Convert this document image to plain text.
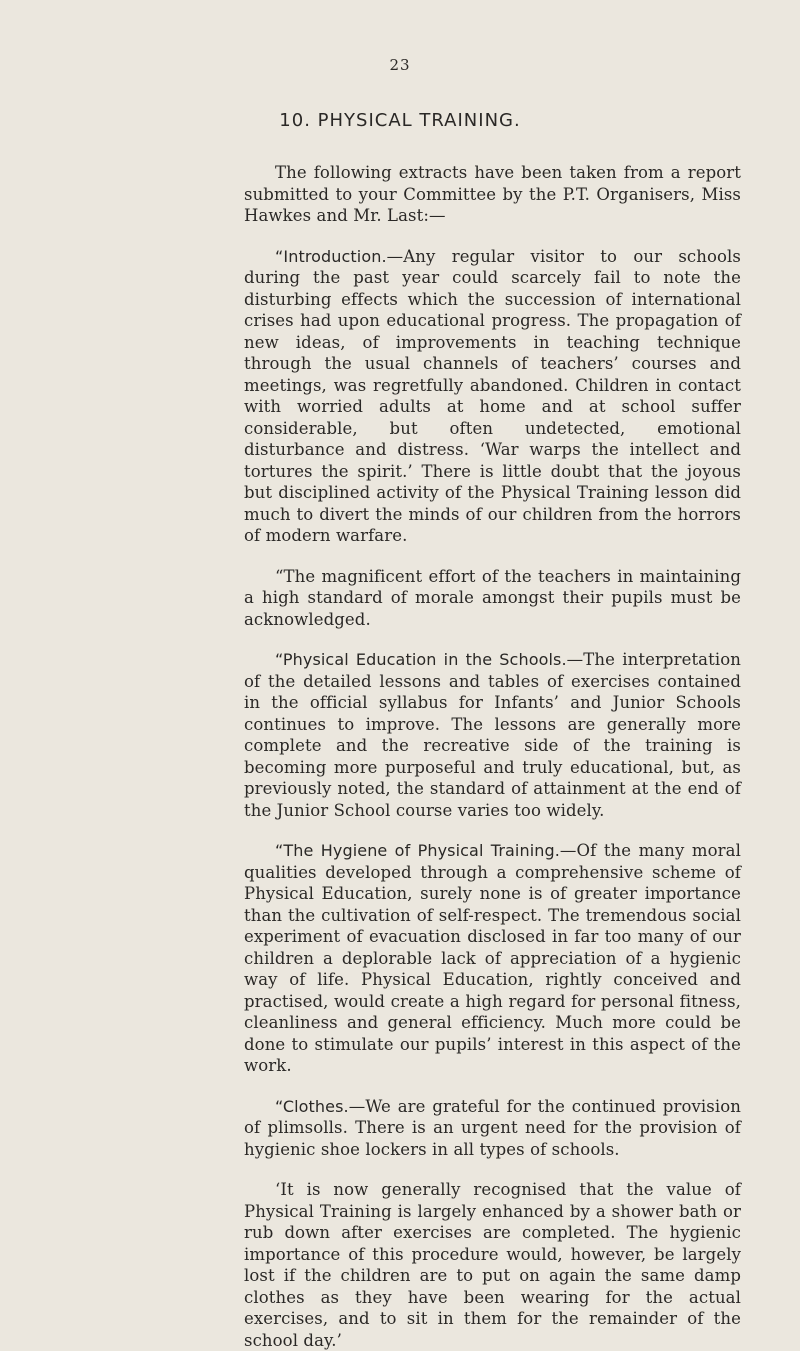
23
10. PHYSICAL TRAINING.

The following extracts have been taken from a report submitted to your Committee by the P.T. Organisers, Miss Hawkes and Mr. Last:—

“Introduction.—Any regular visitor to our schools during the past year could scarcely fail to note the disturbing effects which the succession of international crises had upon educational progress. The propagation of new ideas, of improvements in teaching technique through the usual channels of teachers’ courses and meetings, was regretfully abandoned. Children in contact with worried adults at home and at school suffer considerable, but often undetected, emotional disturbance and distress. ‘War warps the intellect and tortures the spirit.’ There is little doubt that the joyous but disciplined activity of the Physical Training lesson did much to divert the minds of our children from the horrors of modern warfare.

“The magnificent effort of the teachers in maintaining a high standard of morale amongst their pupils must be acknowledged.

“Physical Education in the Schools.—The interpretation of the detailed lessons and tables of exercises contained in the official syllabus for Infants’ and Junior Schools continues to improve. The lessons are generally more complete and the recreative side of the training is becoming more purposeful and truly educational, but, as previously noted, the standard of attainment at the end of the Junior School course varies too widely.

“The Hygiene of Physical Training.—Of the many moral qualities developed through a comprehensive scheme of Physical Education, surely none is of greater importance than the cultivation of self-respect. The tremendous social experiment of evacuation disclosed in far too many of our children a deplorable lack of appreciation of a hygienic way of life. Physical Education, rightly conceived and practised, would create a high regard for personal fitness, cleanliness and general efficiency. Much more could be done to stimulate our pupils’ interest in this aspect of the work.

“Clothes.—We are grateful for the continued provision of plimsolls. There is an urgent need for the provision of hygienic shoe lockers in all types of schools.

‘It is now generally recognised that the value of Physical Training is largely enhanced by a shower bath or rub down after exercises are completed. The hygienic importance of this procedure would, however, be largely lost if the children are to put on again the same damp clothes as they have been wearing for the actual exercises, and to sit in them for the remainder of the school day.’
